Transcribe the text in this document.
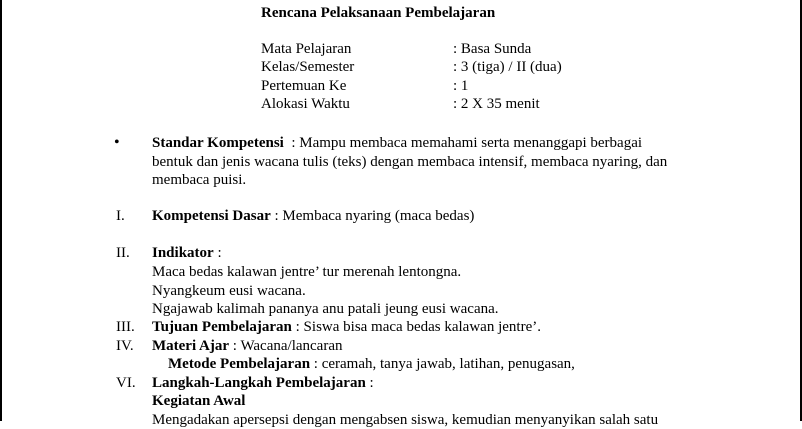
Rencana Pelaksanaan Pembelajaran
Mata Pelajaran	: Basa Sunda
Kelas/Semester	: 3 (tiga) / II (dua)
Pertemuan Ke	: 1
Alokasi Waktu	: 2 X 35 menit
• Standar Kompetensi  : Mampu membaca memahami serta menanggapi berbagai
bentuk dan jenis wacana tulis (teks) dengan membaca intensif, membaca nyaring, dan
membaca puisi.
I. Kompetensi Dasar : Membaca nyaring (maca bedas)
II. Indikator :
Maca bedas kalawan jentre’ tur merenah lentongna.
Nyangkeum eusi wacana.
Ngajawab kalimah pananya anu patali jeung eusi wacana.
III. Tujuan Pembelajaran : Siswa bisa maca bedas kalawan jentre’.
IV. Materi Ajar : Wacana/lancaran
Metode Pembelajaran : ceramah, tanya jawab, latihan, penugasan,
VI. Langkah-Langkah Pembelajaran :
Kegiatan Awal
Mengadakan apersepsi dengan mengabsen siswa, kemudian menyanyikan salah satu
